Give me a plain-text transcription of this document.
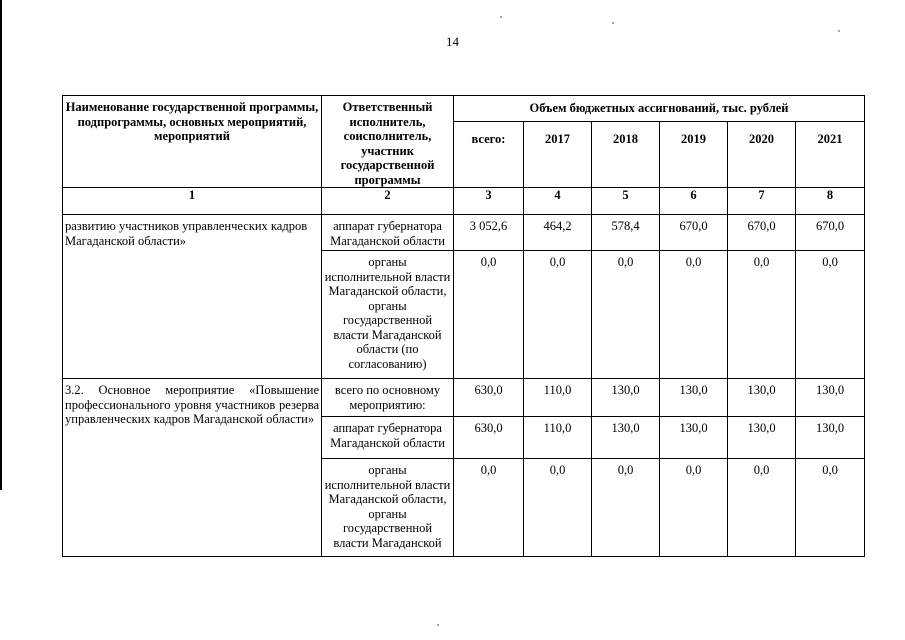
14
Наименование государственной программы, подпрограммы, основных мероприятий, мероприятий	Ответственный исполнитель, соисполнитель, участник государственной программы	Объем бюджетных ассигнований, тыс. рублей					
		всего:	2017	2018	2019	2020	2021
1	2	3	4	5	6	7	8
развитию участников управленческих кадров Магаданской области»	аппарат губернатора Магаданской области	3 052,6	464,2	578,4	670,0	670,0	670,0
	органы исполнительной власти Магаданской области, органы государственной власти Магаданской области (по согласованию)	0,0	0,0	0,0	0,0	0,0	0,0
3.2. Основное мероприятие «Повышение профессионального уровня участников резерва управленческих кадров Магаданской области»	всего по основному мероприятию:	630,0	110,0	130,0	130,0	130,0	130,0
	аппарат губернатора Магаданской области	630,0	110,0	130,0	130,0	130,0	130,0
	органы исполнительной власти Магаданской области, органы государственной власти Магаданской	0,0	0,0	0,0	0,0	0,0	0,0
